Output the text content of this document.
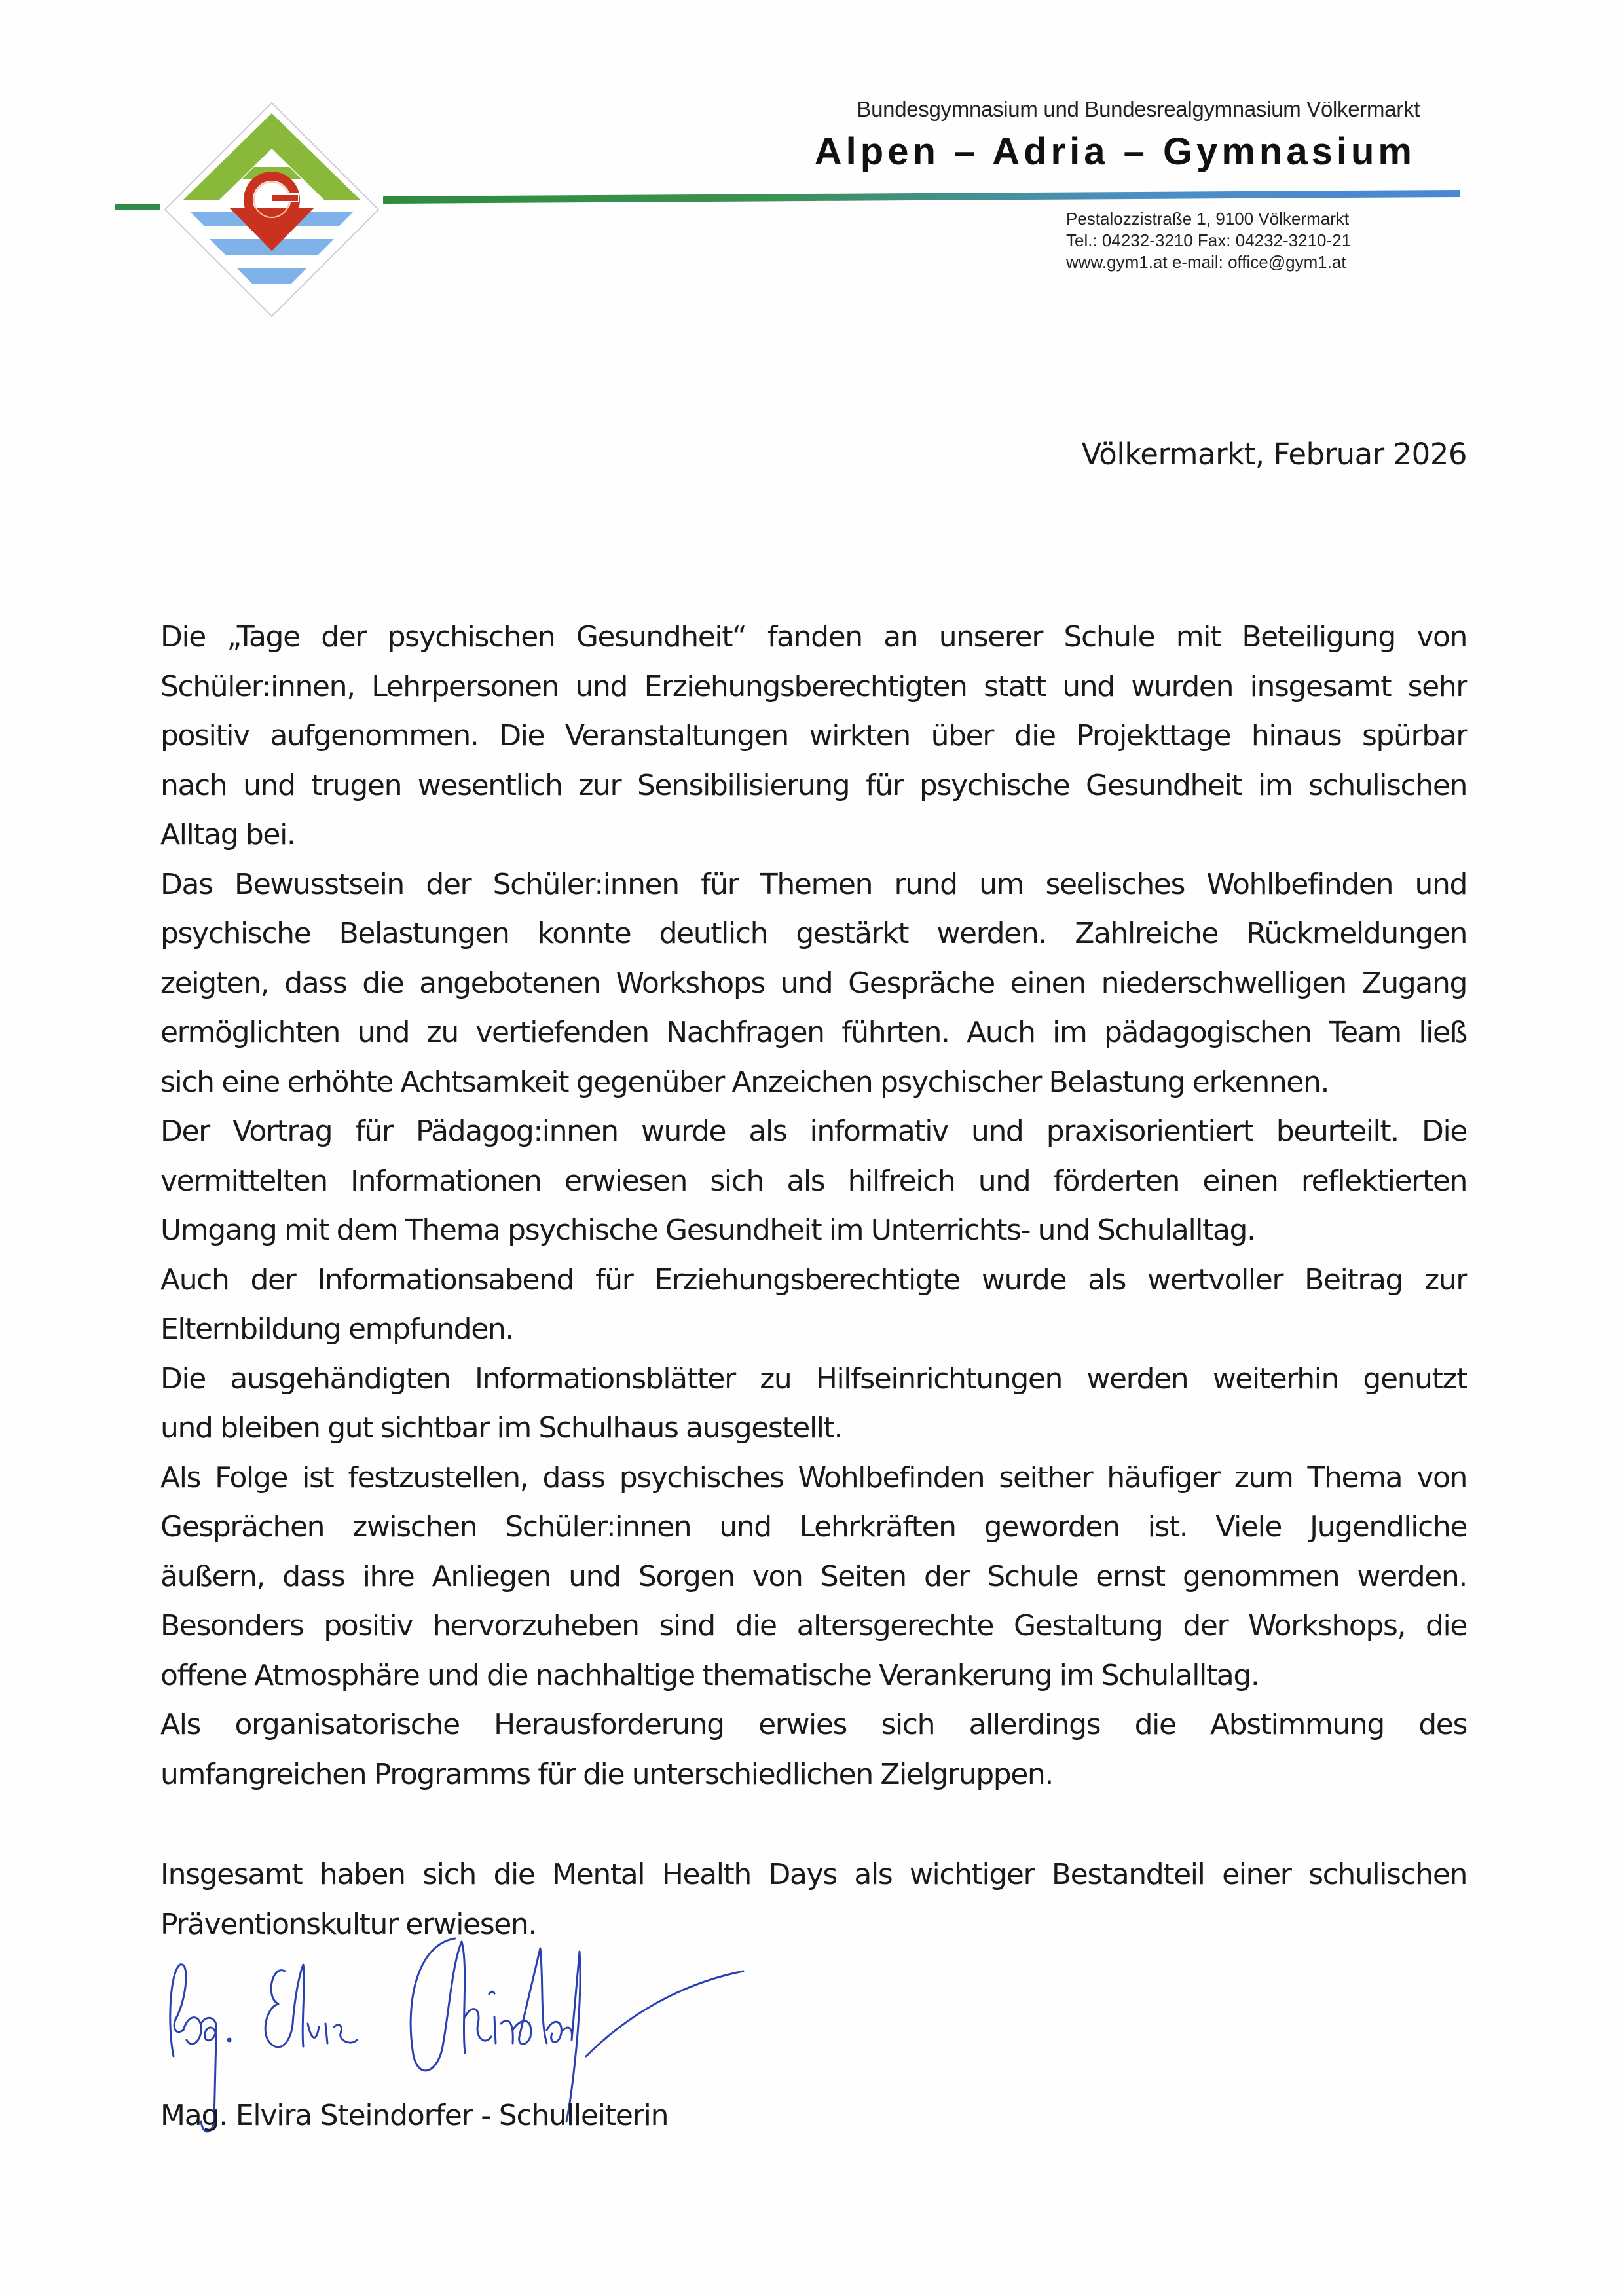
Bundesgymnasium und Bundesrealgymnasium Völkermarkt
Alpen – Adria – Gymnasium
Pestalozzistraße 1, 9100 Völkermarkt
Tel.: 04232-3210 Fax: 04232-3210-21
www.gym1.at e-mail: office@gym1.at
Völkermarkt, Februar 2026
Die „Tage der psychischen Gesundheit“ fanden an unserer Schule mit Beteiligung von
Schüler:innen, Lehrpersonen und Erziehungsberechtigten statt und wurden insgesamt sehr
positiv aufgenommen. Die Veranstaltungen wirkten über die Projekttage hinaus spürbar
nach und trugen wesentlich zur Sensibilisierung für psychische Gesundheit im schulischen
Alltag bei.
Das Bewusstsein der Schüler:innen für Themen rund um seelisches Wohlbefinden und
psychische Belastungen konnte deutlich gestärkt werden. Zahlreiche Rückmeldungen
zeigten, dass die angebotenen Workshops und Gespräche einen niederschwelligen Zugang
ermöglichten und zu vertiefenden Nachfragen führten. Auch im pädagogischen Team ließ
sich eine erhöhte Achtsamkeit gegenüber Anzeichen psychischer Belastung erkennen.
Der Vortrag für Pädagog:innen wurde als informativ und praxisorientiert beurteilt. Die
vermittelten Informationen erwiesen sich als hilfreich und förderten einen reflektierten
Umgang mit dem Thema psychische Gesundheit im Unterrichts- und Schulalltag.
Auch der Informationsabend für Erziehungsberechtigte wurde als wertvoller Beitrag zur
Elternbildung empfunden.
Die ausgehändigten Informationsblätter zu Hilfseinrichtungen werden weiterhin genutzt
und bleiben gut sichtbar im Schulhaus ausgestellt.
Als Folge ist festzustellen, dass psychisches Wohlbefinden seither häufiger zum Thema von
Gesprächen zwischen Schüler:innen und Lehrkräften geworden ist. Viele Jugendliche
äußern, dass ihre Anliegen und Sorgen von Seiten der Schule ernst genommen werden.
Besonders positiv hervorzuheben sind die altersgerechte Gestaltung der Workshops, die
offene Atmosphäre und die nachhaltige thematische Verankerung im Schulalltag.
Als organisatorische Herausforderung erwies sich allerdings die Abstimmung des
umfangreichen Programms für die unterschiedlichen Zielgruppen.
Insgesamt haben sich die Mental Health Days als wichtiger Bestandteil einer schulischen
Präventionskultur erwiesen.
Mag. Elvira Steindorfer - Schulleiterin
